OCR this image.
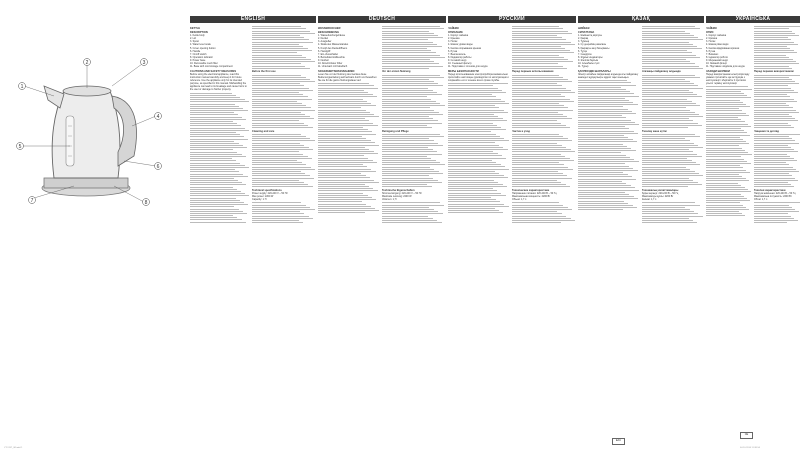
1
2	3
4
5
6
7	8
ENGLISH
KETTLE
DESCRIPTION
1. Kettle body
2. Lid
3. Spout
4. Water level scale
5. Cover opening button
6. Handle
7. On/off switch
8. Operation indicator
9. Power base
10. Removable mesh filter
11. Base with cord storage compartment
CAUTIONS AND SAFETY MEASURES
Before using the electrical appliance, read this instruction manual carefully and keep it for future reference. Use the appliance only for its intended purpose, as specified in this manual. Mishandling the appliance can lead to its breakage and cause harm to the user or damage to his/her property.
Before the first use
Cleaning and care
Technical specifications
Power supply: 220-240 V ~ 50 Hz
Max power: 2200 W
Capacity: 1.7 l
DEUTSCH
WASSERKOCHER
BESCHREIBUNG
1. Wasserkochergehäuse
2. Deckel
3. Ausgießer
4. Skala des Wasserstandes
5. Knopf des Deckelöffnens
6. Handgriff
7. Ein-/Ausschalter
8. Betriebskontrollleuchte
9. Netzteil
10. Abnehmbarer Filter
11. Untersatz mit Kabelfach
SICHERHEITSMASSNAHMEN
Lesen Sie vor der Nutzung des Gerätes diese Bedienungsanleitung aufmerksam durch und bewahren Sie sie für die ganze Nutzungsdauer auf.
Vor der ersten Nutzung
Reinigung und Pflege
Technische Eigenschaften
Stromversorgung: 220-240 V ~ 50 Hz
Maximale Leistung: 2200 W
Volumen: 1,7 l
РУССКИЙ
ЧАЙНИК
ОПИСАНИЕ
1. Корпус чайника
2. Крышка
3. Носик
4. Шкала уровня воды
5. Кнопка открывания крышки
6. Ручка
7. Выключатель
8. Индикатор работы
9. Сетевой шнур
10. Съемный фильтр
11. Подставка с отсеком для шнура
МЕРЫ БЕЗОПАСНОСТИ
Перед использованием электроприбора внимательно прочитайте настоящее руководство по эксплуатации и сохраняйте его в течение всего срока службы.
Перед первым использованием
Чистка и уход
Технические характеристики
Напряжение питания: 220-240 В ~ 50 Гц
Максимальная мощность: 2200 Вт
Объем: 1,7 л
ҚАЗАҚ
ШӘЙНЕК
СИПАТТАМА
1. Шәйнектің корпусы
2. Қақпақ
3. Тұмсық
4. Су деңгейінің шкаласы
5. Қақпақты ашу батырмасы
6. Тұтқа
7. Сөндіргіш
8. Жұмыс индикаторы
9. Желілік баусым
10. Алынбалы сүзгі
11. Тұғыр
ҚАУІПСІЗДІК ШАРАЛАРЫ
Электр аспабын пайдаланар алдында осы пайдалану жөніндегі нұсқаулықты мұқият оқып шығыңыз.
Алғашқы пайдалану алдында
Тазалау және күтім
Техникалық сипаттамалары
Қорек кернеуі: 220-240 В ~ 50 Гц
Максималды қуаты: 2200 Вт
Көлемі: 1,7 л
УКРАЇНСЬКА
ЧАЙНИК
ОПИС
1. Корпус чайника
2. Кришка
3. Носик
4. Шкала рівня води
5. Кнопка відкривання кришки
6. Ручка
7. Вимикач
8. Індикатор роботи
9. Мережевий шнур
10. Знімний фільтр
11. Підставка з відсіком для шнура
ЗАХОДИ БЕЗПЕКИ
Перед використанням електроприладу уважно прочитайте цю інструкцію з експлуатації і зберігайте її протягом усього терміну експлуатації.
Перед першим використанням
Чищення та догляд
Технічні характеристики
Напруга живлення: 220-240 В ~ 50 Гц
Максимальна потужність: 2200 Вт
Об'єм: 1,7 л
EAC
CE
VT-1137_IM.indd 1	04.10.2016 11:38:56
